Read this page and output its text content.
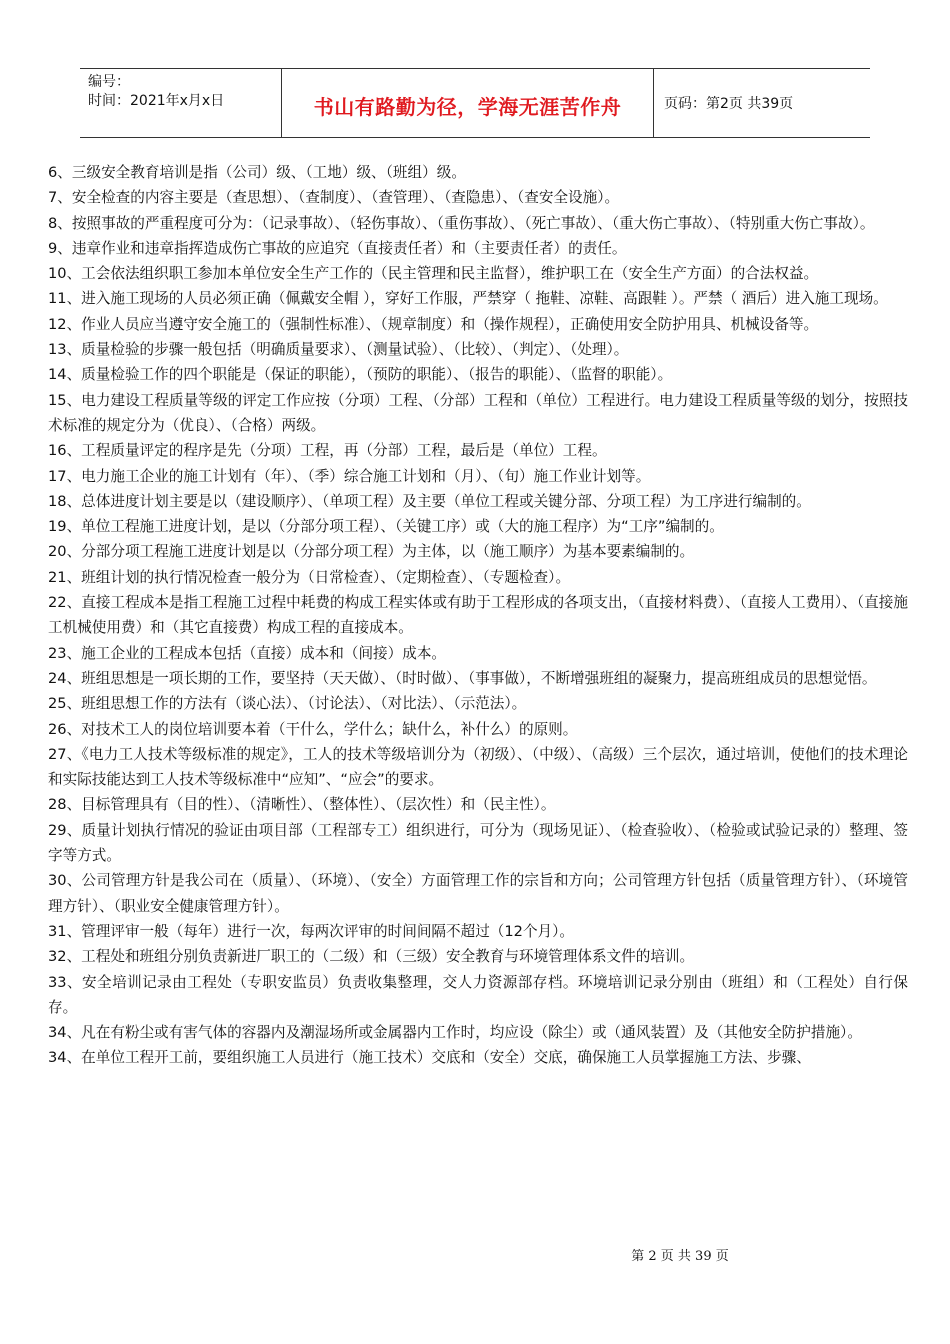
编号：
时间：2021年x月x日	书山有路勤为径，学海无涯苦作舟	页码：第2页 共39页

6、三级安全教育培训是指（公司）级、（工地）级、（班组）级。

7、安全检查的内容主要是（查思想）、（查制度）、（查管理）、（查隐患）、（查安全设施）。

8、按照事故的严重程度可分为：（记录事故）、（轻伤事故）、（重伤事故）、（死亡事故）、（重大伤亡事故）、（特别重大伤亡事故）。

9、违章作业和违章指挥造成伤亡事故的应追究（直接责任者）和（主要责任者）的责任。

10、工会依法组织职工参加本单位安全生产工作的（民主管理和民主监督），维护职工在（安全生产方面）的合法权益。

11、进入施工现场的人员必须正确（佩戴安全帽 ），穿好工作服，严禁穿（ 拖鞋、凉鞋、高跟鞋 ）。严禁（ 酒后）进入施工现场。

12、作业人员应当遵守安全施工的（强制性标准）、（规章制度）和（操作规程），正确使用安全防护用具、机械设备等。

13、质量检验的步骤一般包括（明确质量要求）、（测量试验）、（比较）、（判定）、（处理）。

14、质量检验工作的四个职能是（保证的职能），（预防的职能）、（报告的职能）、（监督的职能）。

15、电力建设工程质量等级的评定工作应按（分项）工程、（分部）工程和（单位）工程进行。电力建设工程质量等级的划分，按照技术标准的规定分为（优良）、（合格）两级。

16、工程质量评定的程序是先（分项）工程，再（分部）工程，最后是（单位）工程。

17、电力施工企业的施工计划有（年）、（季）综合施工计划和（月）、（旬）施工作业计划等。

18、总体进度计划主要是以（建设顺序）、（单项工程）及主要（单位工程或关键分部、分项工程）为工序进行编制的。

19、单位工程施工进度计划，是以（分部分项工程）、（关键工序）或（大的施工程序）为“工序”编制的。

20、分部分项工程施工进度计划是以（分部分项工程）为主体，以（施工顺序）为基本要素编制的。

21、班组计划的执行情况检查一般分为（日常检查）、（定期检查）、（专题检查）。

22、直接工程成本是指工程施工过程中耗费的构成工程实体或有助于工程形成的各项支出，（直接材料费）、（直接人工费用）、（直接施工机械使用费）和（其它直接费）构成工程的直接成本。

23、施工企业的工程成本包括（直接）成本和（间接）成本。

24、班组思想是一项长期的工作，要坚持（天天做）、（时时做）、（事事做），不断增强班组的凝聚力，提高班组成员的思想觉悟。

25、班组思想工作的方法有（谈心法）、（讨论法）、（对比法）、（示范法）。

26、对技术工人的岗位培训要本着（干什么，学什么；缺什么，补什么）的原则。

27、《电力工人技术等级标准的规定》，工人的技术等级培训分为（初级）、（中级）、（高级）三个层次，通过培训，使他们的技术理论和实际技能达到工人技术等级标准中“应知”、“应会”的要求。

28、目标管理具有（目的性）、（清晰性）、（整体性）、（层次性）和（民主性）。

29、质量计划执行情况的验证由项目部（工程部专工）组织进行，可分为（现场见证）、（检查验收）、（检验或试验记录的）整理、签字等方式。

30、公司管理方针是我公司在（质量）、（环境）、（安全）方面管理工作的宗旨和方向；公司管理方针包括（质量管理方针）、（环境管理方针）、（职业安全健康管理方针）。

31、管理评审一般（每年）进行一次，每两次评审的时间间隔不超过（12个月）。

32、工程处和班组分别负责新进厂职工的（二级）和（三级）安全教育与环境管理体系文件的培训。

33、安全培训记录由工程处（专职安监员）负责收集整理，交人力资源部存档。环境培训记录分别由（班组）和（工程处）自行保存。

34、凡在有粉尘或有害气体的容器内及潮湿场所或金属器内工作时，均应设（除尘）或（通风装置）及（其他安全防护措施）。

34、在单位工程开工前，要组织施工人员进行（施工技术）交底和（安全）交底，确保施工人员掌握施工方法、步骤、

第 2 页 共 39 页
